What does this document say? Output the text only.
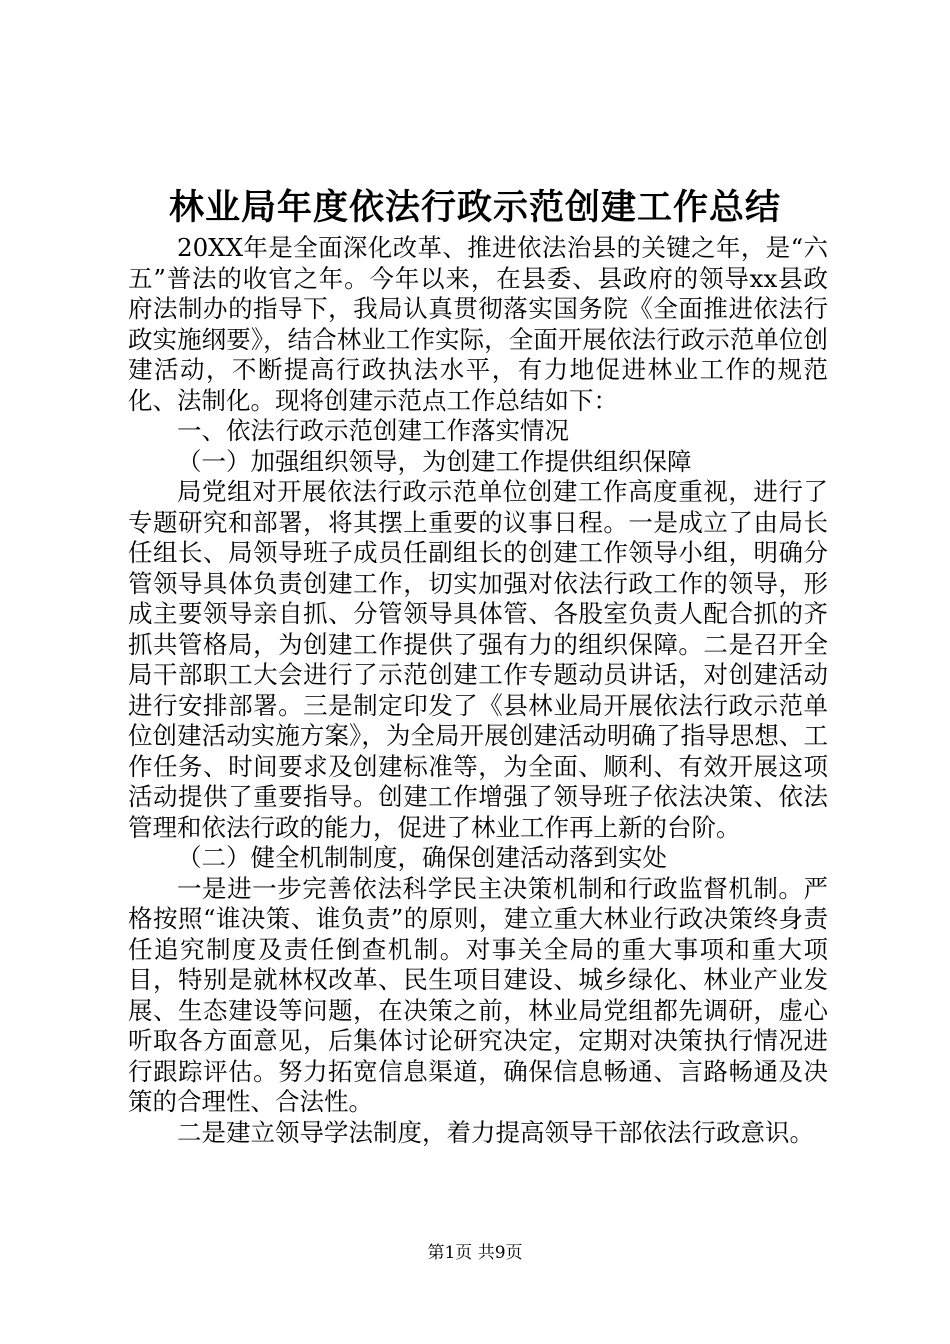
林业局年度依法行政示范创建工作总结

20XX年是全面深化改革、推进依法治县的关键之年，是“六五”普法的收官之年。今年以来，在县委、县政府的领导xx县政府法制办的指导下，我局认真贯彻落实国务院《全面推进依法行政实施纲要》，结合林业工作实际，全面开展依法行政示范单位创建活动，不断提高行政执法水平，有力地促进林业工作的规范化、法制化。现将创建示范点工作总结如下：

一、依法行政示范创建工作落实情况

（一）加强组织领导，为创建工作提供组织保障

局党组对开展依法行政示范单位创建工作高度重视，进行了专题研究和部署，将其摆上重要的议事日程。一是成立了由局长任组长、局领导班子成员任副组长的创建工作领导小组，明确分管领导具体负责创建工作，切实加强对依法行政工作的领导，形成主要领导亲自抓、分管领导具体管、各股室负责人配合抓的齐抓共管格局，为创建工作提供了强有力的组织保障。二是召开全局干部职工大会进行了示范创建工作专题动员讲话，对创建活动进行安排部署。三是制定印发了《县林业局开展依法行政示范单位创建活动实施方案》，为全局开展创建活动明确了指导思想、工作任务、时间要求及创建标准等，为全面、顺利、有效开展这项活动提供了重要指导。创建工作增强了领导班子依法决策、依法管理和依法行政的能力，促进了林业工作再上新的台阶。

（二）健全机制制度，确保创建活动落到实处

一是进一步完善依法科学民主决策机制和行政监督机制。严格按照“谁决策、谁负责”的原则，建立重大林业行政决策终身责任追究制度及责任倒查机制。对事关全局的重大事项和重大项目，特别是就林权改革、民生项目建设、城乡绿化、林业产业发展、生态建设等问题，在决策之前，林业局党组都先调研，虚心听取各方面意见，后集体讨论研究决定，定期对决策执行情况进行跟踪评估。努力拓宽信息渠道，确保信息畅通、言路畅通及决策的合理性、合法性。

二是建立领导学法制度，着力提高领导干部依法行政意识。

第1页 共9页
